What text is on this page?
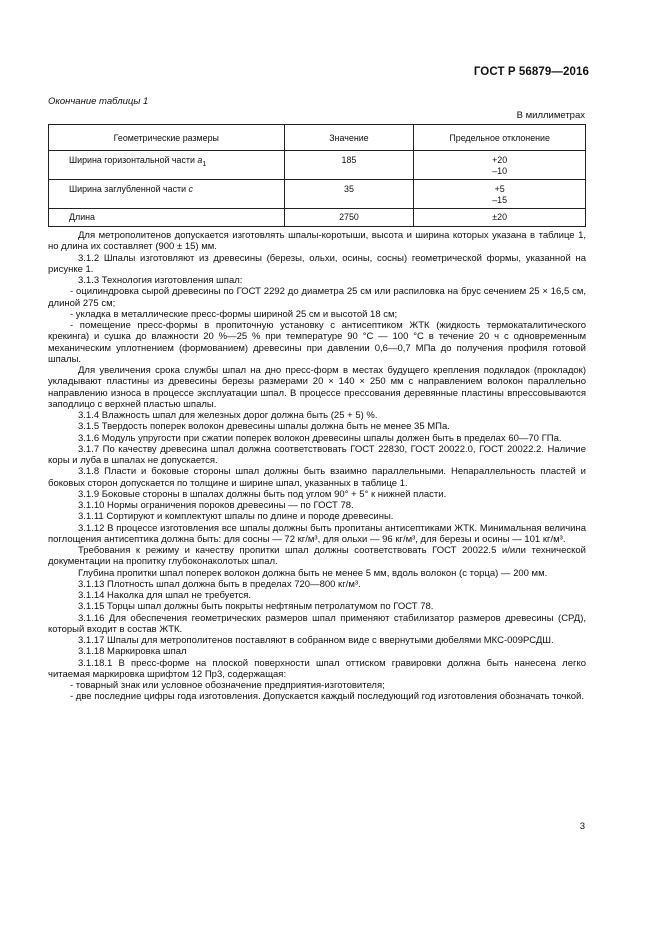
ГОСТ Р 56879—2016
Окончание таблицы 1
В миллиметрах
Геометрические размеры	Значение	Предельное отклонение
Ширина горизонтальной части $a_1$	185	+20
–10

Ширина заглубленной части c	35	+5
–15

Длина	2750	±20

Для метрополитенов допускается изготовлять шпалы-коротыши, высота и ширина которых указана в таблице 1, но длина их составляет (900 ± 15) мм.

3.1.2 Шпалы изготовляют из древесины (березы, ольхи, осины, сосны) геометрической формы, указанной на рисунке 1.

3.1.3 Технология изготовления шпал:

- оцилиндровка сырой древесины по ГОСТ 2292 до диаметра 25 см или распиловка на брус сечением 25 × 16,5 см, длиной 275 см;

- укладка в металлические пресс-формы шириной 25 см и высотой 18 см;

- помещение пресс-формы в пропиточную установку с антисептиком ЖТК (жидкость термокаталитического крекинга) и сушка до влажности 20 %—25 % при температуре 90 °C — 100 °C в течение 20 ч с одновременным механическим уплотнением (формованием) древесины при давлении 0,6—0,7 МПа до получения профиля готовой шпалы.

Для увеличения срока службы шпал на дно пресс-форм в местах будущего крепления подкладок (прокладок) укладывают пластины из древесины березы размерами 20 × 140 × 250 мм с направлением волокон параллельно направлению износа в процессе эксплуатации шпал. В процессе прессования деревянные пластины впрессовываются заподлицо с верхней пластью шпалы.

3.1.4 Влажность шпал для железных дорог должна быть (25 + 5) %.

3.1.5 Твердость поперек волокон древесины шпалы должна быть не менее 35 МПа.

3.1.6 Модуль упругости при сжатии поперек волокон древесины шпалы должен быть в пределах 60—70 ГПа.

3.1.7 По качеству древесина шпал должна соответствовать ГОСТ 22830, ГОСТ 20022.0, ГОСТ 20022.2. Наличие коры и луба в шпалах не допускается.

3.1.8 Пласти и боковые стороны шпал должны быть взаимно параллельными. Непараллельность пластей и боковых сторон допускается по толщине и ширине шпал, указанных в таблице 1.

3.1.9 Боковые стороны в шпалах должны быть под углом 90° + 5° к нижней пласти.

3.1.10 Нормы ограничения пороков древесины — по ГОСТ 78.

3.1.11 Сортируют и комплектуют шпалы по длине и породе древесины.

3.1.12 В процессе изготовления все шпалы должны быть пропитаны антисептиками ЖТК. Минимальная величина поглощения антисептика должна быть: для сосны — 72 кг/м³, для ольхи — 96 кг/м³, для березы и осины — 101 кг/м³.

Требования к режиму и качеству пропитки шпал должны соответствовать ГОСТ 20022.5 и/или технической документации на пропитку глубоконаколотых шпал.

Глубина пропитки шпал поперек волокон должна быть не менее 5 мм, вдоль волокон (с торца) — 200 мм.

3.1.13 Плотность шпал должна быть в пределах 720—800 кг/м³.

3.1.14 Наколка для шпал не требуется.

3.1.15 Торцы шпал должны быть покрыты нефтяным петролатумом по ГОСТ 78.

3.1.16 Для обеспечения геометрических размеров шпал применяют стабилизатор размеров древесины (СРД), который входит в состав ЖТК.

3.1.17 Шпалы для метрополитенов поставляют в собранном виде с ввернутыми дюбелями МКС-009РСДШ.

3.1.18 Маркировка шпал

3.1.18.1 В пресс-форме на плоской поверхности шпал оттиском гравировки должна быть нанесена легко читаемая маркировка шрифтом 12 Пр3, содержащая:

- товарный знак или условное обозначение предприятия-изготовителя;

- две последние цифры года изготовления. Допускается каждый последующий год изготовления обозначать точкой.

3
